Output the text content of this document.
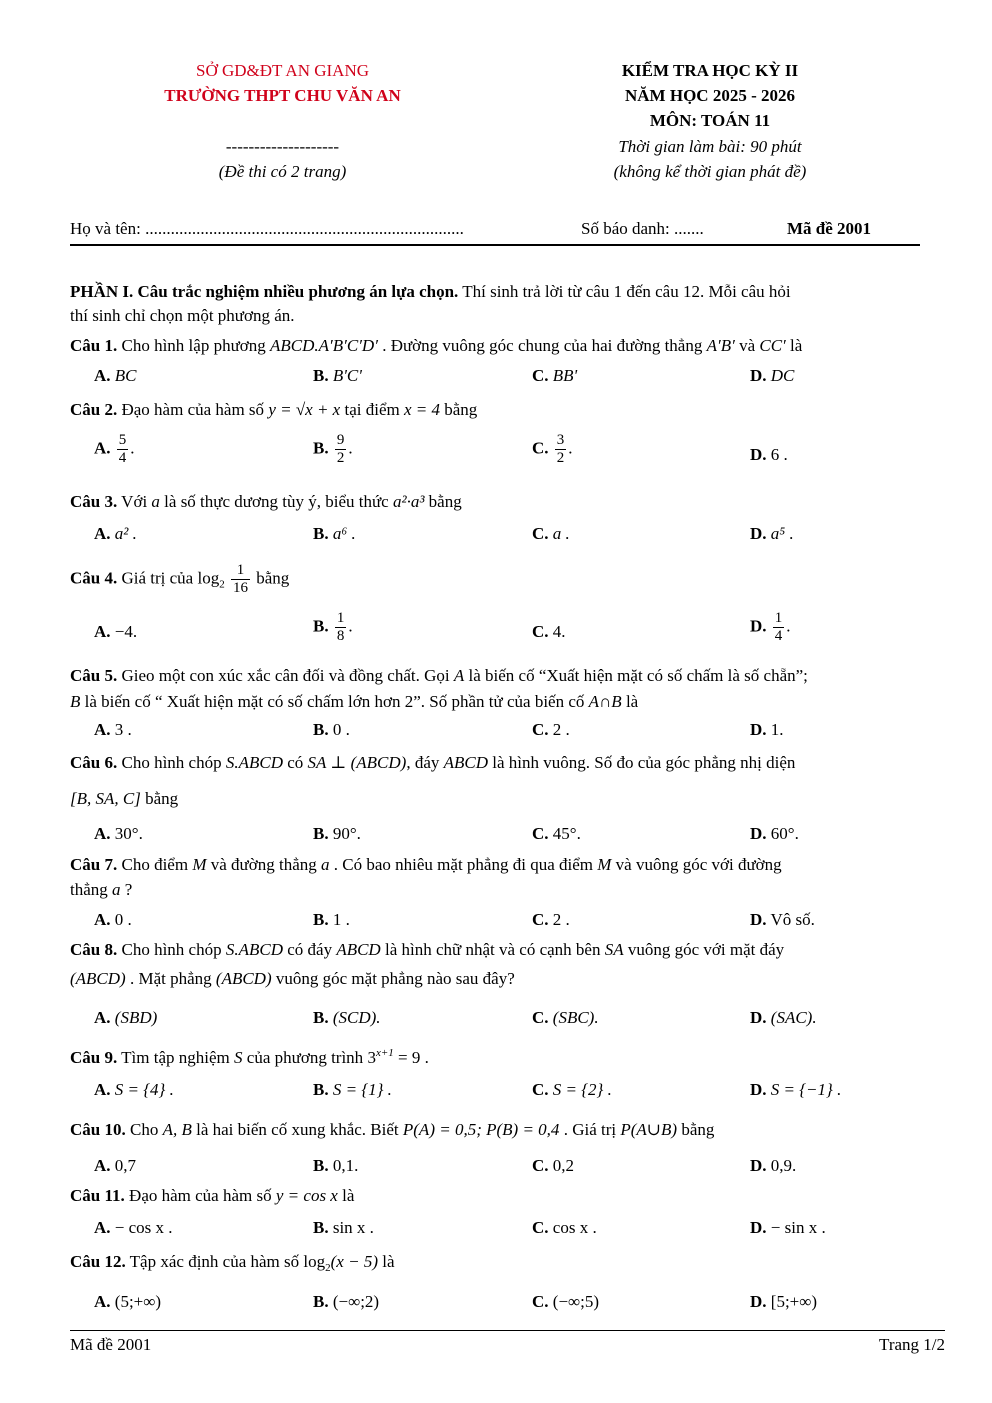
SỞ GD&ĐT AN GIANG
TRƯỜNG THPT CHU VĂN AN
--------------------
(Đề thi có 2 trang)
KIỂM TRA HỌC KỲ II
NĂM HỌC 2025 - 2026
MÔN: TOÁN 11
Thời gian làm bài: 90 phút
(không kể thời gian phát đề)
Họ và tên: ...........................................................................	Số báo danh: .......	Mã đề 2001
PHẦN I. Câu trắc nghiệm nhiều phương án lựa chọn. Thí sinh trả lời từ câu 1 đến câu 12. Mỗi câu hỏi
thí sinh chỉ chọn một phương án.
Câu 1. Cho hình lập phương ABCD.A′B′C′D′ . Đường vuông góc chung của hai đường thẳng A′B′ và CC′ là
A. BC	B. B'C'	C. BB'	D. DC
Câu 2. Đạo hàm của hàm số y = √x + x tại điểm x = 4 bằng
A. $\frac{5}{4}$ .	B. $\frac{9}{2}$ .	C. $\frac{3}{2}$ .	D. 6 .
Câu 3. Với a là số thực dương tùy ý, biểu thức a²·a³ bằng
A. a² .	B. a⁶ .	C. a .	D. a⁵ .
Câu 4. Giá trị của $\log_2 \frac{1}{16}$ bằng
A. −4.	B. $\frac{1}{8}$ .	C. 4.	D. $\frac{1}{4}$ .
Câu 5. Gieo một con xúc xắc cân đối và đồng chất. Gọi A là biến cố “Xuất hiện mặt có số chấm là số chẵn”;
B là biến cố “ Xuất hiện mặt có số chấm lớn hơn 2”. Số phần tử của biến cố A∩B là
A. 3 .	B. 0 .	C. 2 .	D. 1.
Câu 6. Cho hình chóp S.ABCD có SA ⊥ (ABCD), đáy ABCD là hình vuông. Số đo của góc phẳng nhị diện
[B, SA, C] bằng
A. 30°.	B. 90°.	C. 45°.	D. 60°.
Câu 7. Cho điểm M và đường thẳng a . Có bao nhiêu mặt phẳng đi qua điểm M và vuông góc với đường
thẳng a ?
A. 0 .	B. 1 .	C. 2 .	D. Vô số.
Câu 8. Cho hình chóp S.ABCD có đáy ABCD là hình chữ nhật và có cạnh bên SA vuông góc với mặt đáy
(ABCD) . Mặt phẳng (ABCD) vuông góc mặt phẳng nào sau đây?
A. (SBD)	B. (SCD).	C. (SBC).	D. (SAC).
Câu 9. Tìm tập nghiệm S của phương trình $3^{x+1} = 9$ .
A. S = {4} .	B. S = {1} .	C. S = {2} .	D. S = {−1} .
Câu 10. Cho A, B là hai biến cố xung khắc. Biết P(A) = 0,5; P(B) = 0,4 . Giá trị P(A∪B) bằng
A. 0,7	B. 0,1.	C. 0,2	D. 0,9.
Câu 11. Đạo hàm của hàm số y = cos x là
A. − cos x .	B. sin x .	C. cos x .	D. − sin x .
Câu 12. Tập xác định của hàm số $\log_2(x - 5)$ là
A. (5;+∞)	B. (−∞;2)	C. (−∞;5)	D. [5;+∞)
Mã đề 2001	Trang 1/2
